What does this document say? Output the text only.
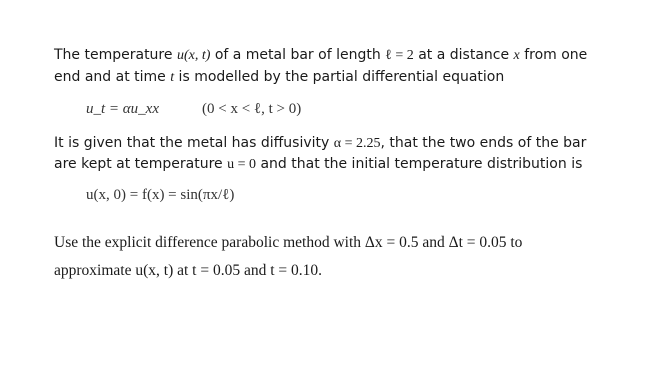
The temperature u(x, t) of a metal bar of length ℓ = 2 at a distance x from one
end and at time t is modelled by the partial differential equation
u_t = αu_xx	(0 < x < ℓ, t > 0)
It is given that the metal has diffusivity α = 2.25, that the two ends of the bar
are kept at temperature u = 0 and that the initial temperature distribution is
u(x, 0) = f(x) = sin(πx/ℓ)
Use the explicit difference parabolic method with Δx = 0.5 and Δt = 0.05 to
approximate u(x, t) at t = 0.05 and t = 0.10.
